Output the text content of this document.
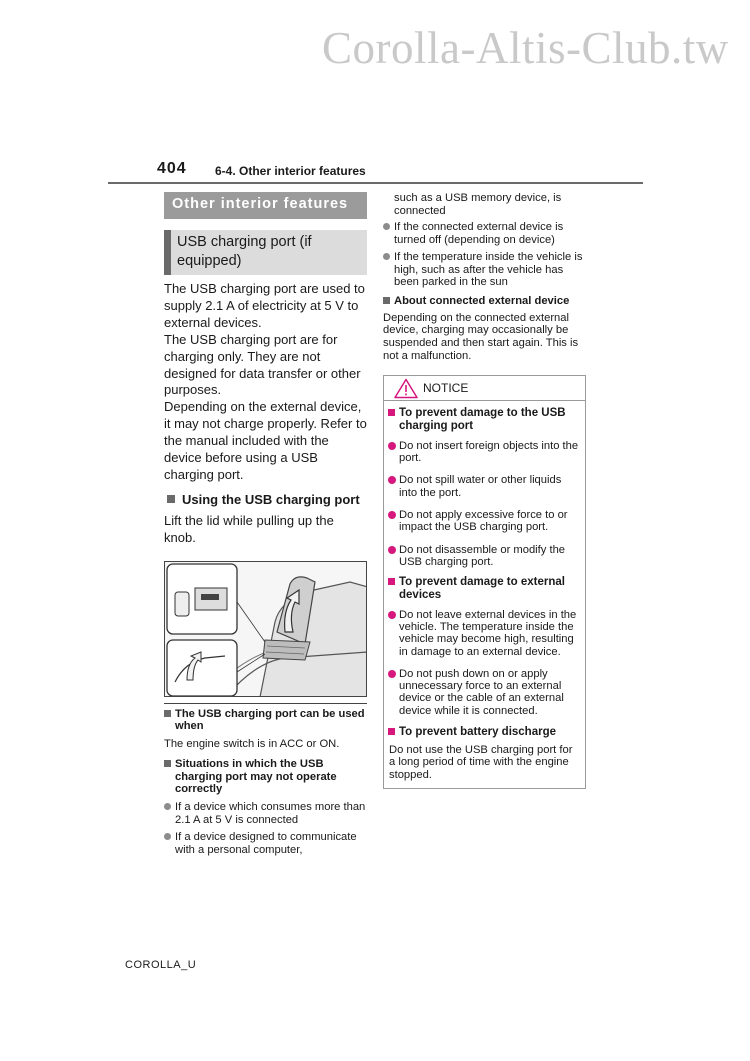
Corolla-Altis-Club.tw
404 6-4. Other interior features
Other interior features
USB charging port (if equipped)
The USB charging port are used to supply 2.1 A of electricity at 5 V to external devices.
The USB charging port are for charging only. They are not designed for data transfer or other purposes.
Depending on the external device, it may not charge properly. Refer to the manual included with the device before using a USB charging port.
Using the USB charging port
Lift the lid while pulling up the knob.
The USB charging port can be used when
The engine switch is in ACC or ON.
Situations in which the USB charging port may not operate correctly
If a device which consumes more than 2.1 A at 5 V is connected
If a device designed to communicate with a personal computer,
such as a USB memory device, is connected
If the connected external device is turned off (depending on device)
If the temperature inside the vehicle is high, such as after the vehicle has been parked in the sun
About connected external device
Depending on the connected external device, charging may occasionally be suspended and then start again. This is not a malfunction.
NOTICE
To prevent damage to the USB charging port
Do not insert foreign objects into the port.
Do not spill water or other liquids into the port.
Do not apply excessive force to or impact the USB charging port.
Do not disassemble or modify the USB charging port.
To prevent damage to external devices
Do not leave external devices in the vehicle. The temperature inside the vehicle may become high, resulting in damage to an external device.
Do not push down on or apply unnecessary force to an external device or the cable of an external device while it is connected.
To prevent battery discharge
Do not use the USB charging port for a long period of time with the engine stopped.
COROLLA_U
